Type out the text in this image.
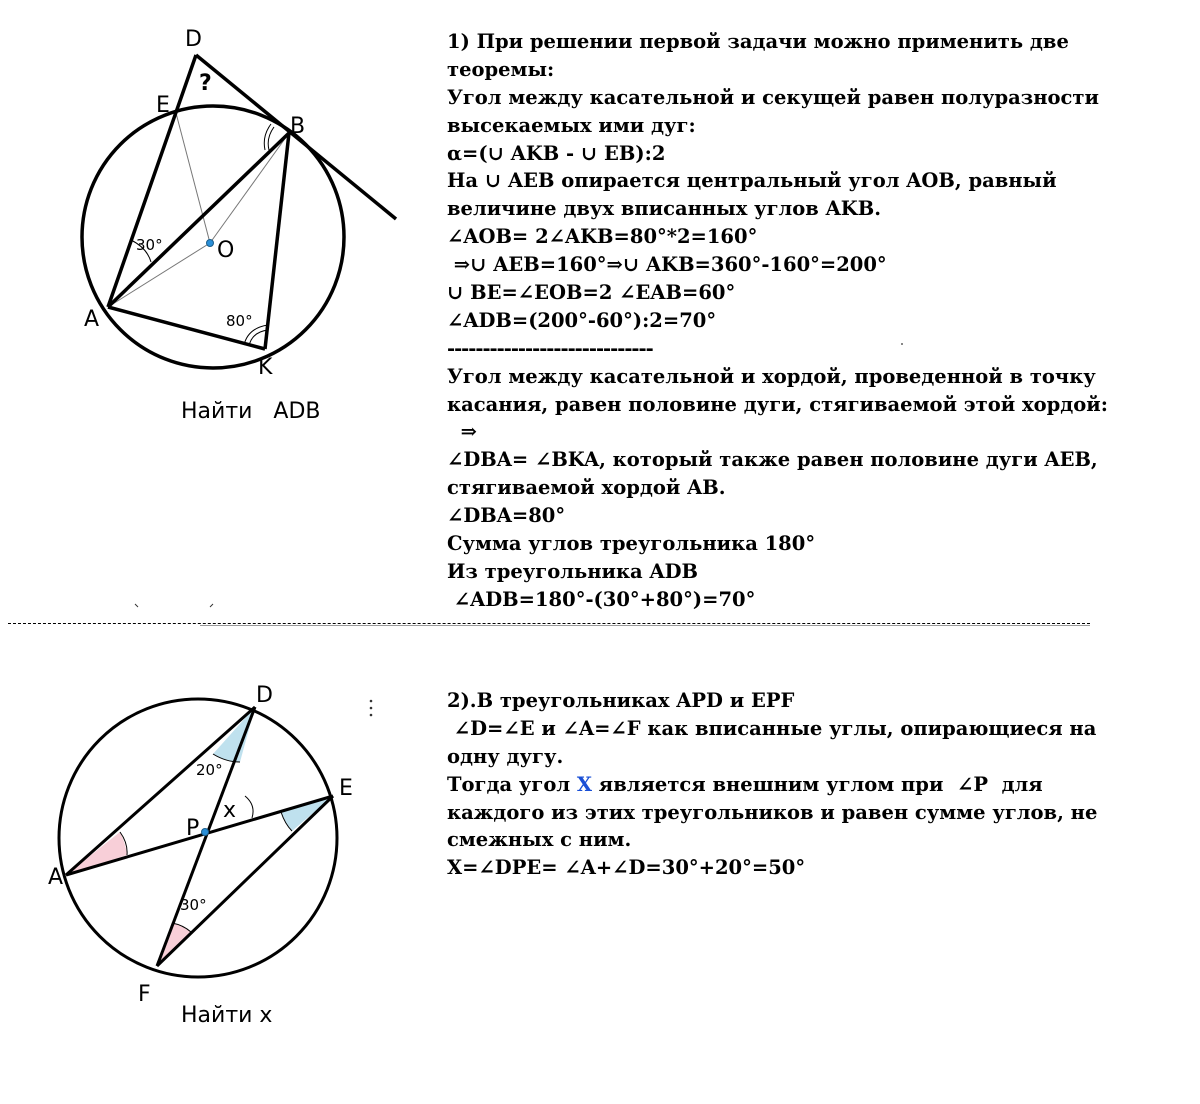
D
?
E
B
O
A
K
30°
80°
Найти   ADB
D
E
P
A
F
x
20°
30°
Найти x
1) При решении первой задачи можно применить две
теоремы:
Угол между касательной и секущей равен полуразности
высекаемых ими дуг:
α=(∪ AKB - ∪ EB):2
На ∪ AEB опирается центральный угол AOB, равный
величине двух вписанных углов AKB.
∠AOB= 2∠AKB=80°*2=160°
⇒∪ AEB=160°⇒∪ AKB=360°-160°=200°
∪ BE=∠EOB=2 ∠EAB=60°
∠ADB=(200°-60°):2=70°
-----------------------------
Угол между касательной и хордой, проведенной в точку
касания, равен половине дуги, стягиваемой этой хордой:
⇒
∠DBA= ∠BKA, который также равен половине дуги AEB,
стягиваемой хордой AB.
∠DBA=80°
Сумма углов треугольника 180°
Из треугольника ADB
∠ADB=180°-(30°+80°)=70°
2).В треугольниках APD и EPF
∠D=∠E и ∠A=∠F как вписанные углы, опирающиеся на
одну дугу.
Тогда угол X является внешним углом при  ∠P  для
каждого из этих треугольников и равен сумме углов, не
смежных с ним.
X=∠DPE= ∠A+∠D=30°+20°=50°
